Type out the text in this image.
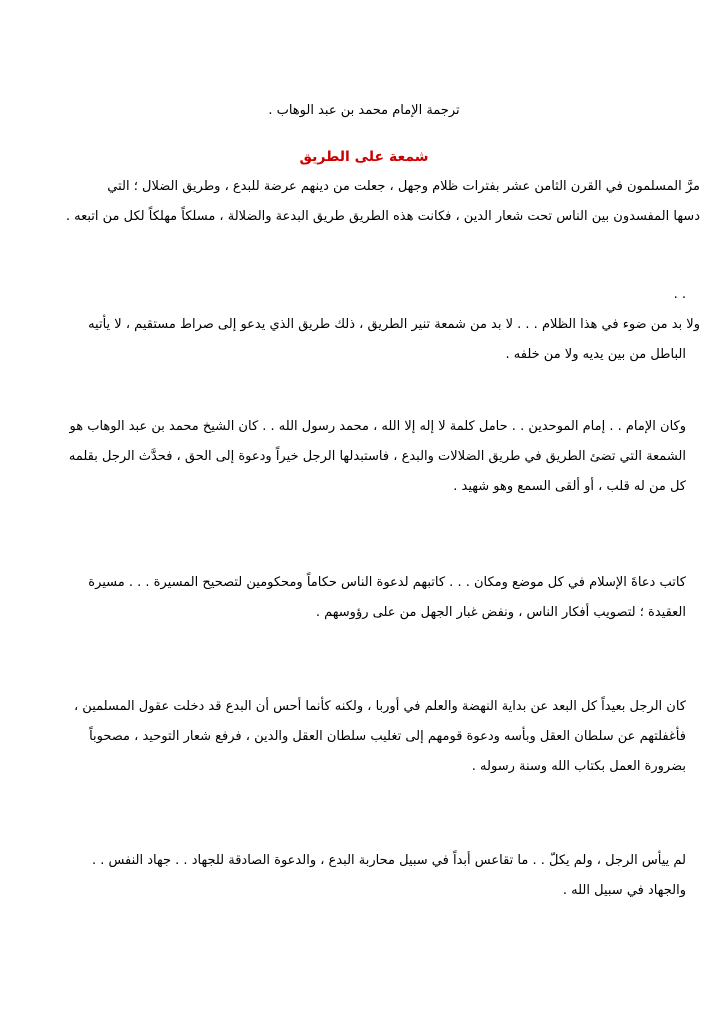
ترجمة الإمام محمد بن عبد الوهاب .
شمعة على الطريق
مرَّ المسلمون في القرن الثامن عشر بفترات ظلام وجهل ، جعلت من دينهم عرضة للبدع ، وطريق الضلال ؛ التي
دسها المفسدون بين الناس تحت شعار الدين ، فكانت هذه الطريق طريق البدعة والضلالة ، مسلكاً مهلكاً لكل من اتبعه .
. .
ولا بد من ضوء في هذا الظلام . . . لا بد من شمعة تنير الطريق ، ذلك طريق الذي يدعو إلى صراط مستقيم ، لا يأتيه
الباطل من بين يديه ولا من خلفه .
وكان الإمام . . إمام الموحدين . . حامل كلمة لا إله إلا الله ، محمد رسول الله . . كان الشيخ محمد بن عبد الوهاب هو
الشمعة التي تضئ الطريق في طريق الضلالات والبدع ، فاستبدلها الرجل خيراً ودعوة إلى الحق ، فحدَّث الرجل بقلمه
كل من له قلب ، أو ألقى السمع وهو شهيد .
كاتب دعاةَ الإسلام في كل موضع ومكان . . . كاتبهم لدعوة الناس حكاماً ومحكومين لتصحيح المسيرة . . . مسيرة
العقيدة ؛ لتصويب أفكار الناس ، ونفض غبار الجهل من على رؤوسهم .
كان الرجل بعيداً كل البعد عن بداية النهضة والعلم في أوربا ، ولكنه كأنما أحس أن البدع قد دخلت عقول المسلمين ،
فأغفلتهم عن سلطان العقل وبأسه ودعوة قومهم إلى تغليب سلطان العقل والدين ، فرفع شعار التوحيد ، مصحوباً
بضرورة العمل بكتاب الله وسنة رسوله .
لم ييأس الرجل ، ولم يكلّ . . ما تقاعس أبداً في سبيل محاربة البدع ، والدعوة الصادقة للجهاد . . جهاد النفس . .
والجهاد في سبيل الله .
